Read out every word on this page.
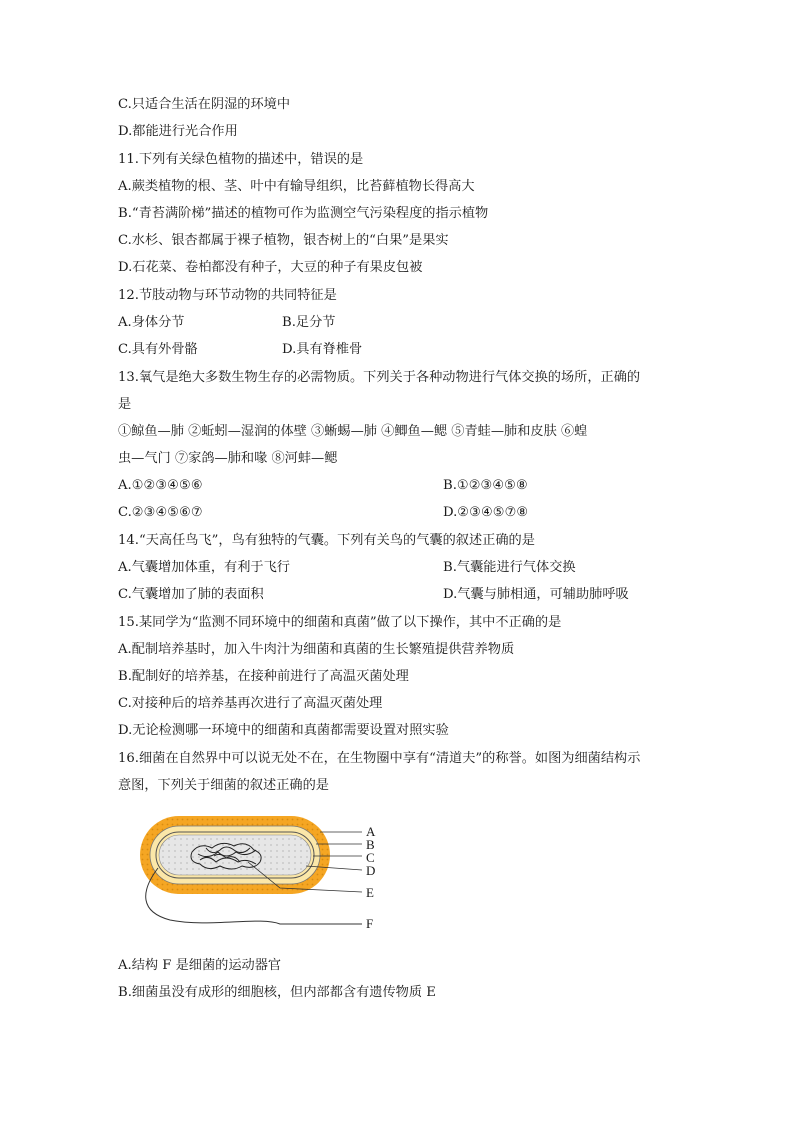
C.只适合生活在阴湿的环境中
D.都能进行光合作用
11.下列有关绿色植物的描述中，错误的是
A.蕨类植物的根、茎、叶中有输导组织，比苔藓植物长得高大
B.“青苔满阶梯”描述的植物可作为监测空气污染程度的指示植物
C.水杉、银杏都属于裸子植物，银杏树上的“白果”是果实
D.石花菜、卷柏都没有种子，大豆的种子有果皮包被
12.节肢动物与环节动物的共同特征是
A.身体分节	B.足分节
C.具有外骨骼	D.具有脊椎骨
13.氧气是绝大多数生物生存的必需物质。下列关于各种动物进行气体交换的场所，正确的
是
①鲸鱼—肺 ②蚯蚓—湿润的体壁 ③蜥蜴—肺 ④鲫鱼—鳃 ⑤青蛙—肺和皮肤 ⑥蝗
虫—气门 ⑦家鸽—肺和喙 ⑧河蚌—鳃
A.①②③④⑤⑥	B.①②③④⑤⑧
C.②③④⑤⑥⑦	D.②③④⑤⑦⑧
14.“天高任鸟飞”，鸟有独特的气囊。下列有关鸟的气囊的叙述正确的是
A.气囊增加体重，有利于飞行	B.气囊能进行气体交换
C.气囊增加了肺的表面积	D.气囊与肺相通，可辅助肺呼吸
15.某同学为“监测不同环境中的细菌和真菌”做了以下操作，其中不正确的是
A.配制培养基时，加入牛肉汁为细菌和真菌的生长繁殖提供营养物质
B.配制好的培养基，在接种前进行了高温灭菌处理
C.对接种后的培养基再次进行了高温灭菌处理
D.无论检测哪一环境中的细菌和真菌都需要设置对照实验
16.细菌在自然界中可以说无处不在，在生物圈中享有“清道夫”的称誉。如图为细菌结构示
意图，下列关于细菌的叙述正确的是
A
B
C
D
E
F
A.结构 F 是细菌的运动器官
B.细菌虽没有成形的细胞核，但内部都含有遗传物质 E
